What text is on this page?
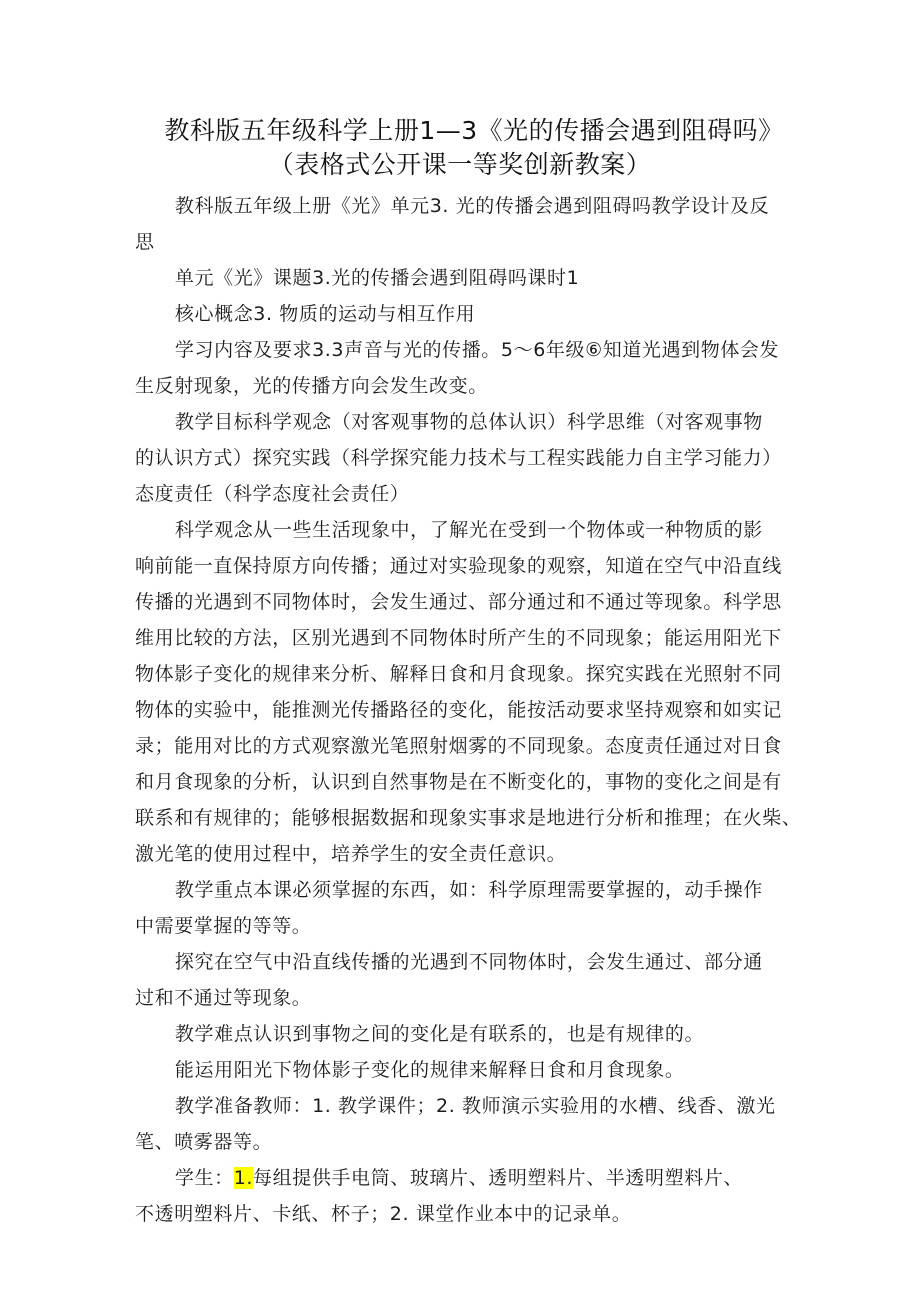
教科版五年级科学上册1—3《光的传播会遇到阻碍吗》
（表格式公开课一等奖创新教案）

教科版五年级上册《光》单元3. 光的传播会遇到阻碍吗教学设计及反
思

单元《光》课题3.光的传播会遇到阻碍吗课时1

核心概念3. 物质的运动与相互作用

学习内容及要求3.3声音与光的传播。5～6年级⑥知道光遇到物体会发
生反射现象，光的传播方向会发生改变。

教学目标科学观念（对客观事物的总体认识）科学思维（对客观事物
的认识方式）探究实践（科学探究能力技术与工程实践能力自主学习能力）
态度责任（科学态度社会责任）

科学观念从一些生活现象中，了解光在受到一个物体或一种物质的影
响前能一直保持原方向传播；通过对实验现象的观察，知道在空气中沿直线
传播的光遇到不同物体时，会发生通过、部分通过和不通过等现象。科学思
维用比较的方法，区别光遇到不同物体时所产生的不同现象；能运用阳光下
物体影子变化的规律来分析、解释日食和月食现象。探究实践在光照射不同
物体的实验中，能推测光传播路径的变化，能按活动要求坚持观察和如实记
录；能用对比的方式观察激光笔照射烟雾的不同现象。态度责任通过对日食
和月食现象的分析，认识到自然事物是在不断变化的，事物的变化之间是有
联系和有规律的；能够根据数据和现象实事求是地进行分析和推理；在火柴、
激光笔的使用过程中，培养学生的安全责任意识。

教学重点本课必须掌握的东西，如：科学原理需要掌握的，动手操作
中需要掌握的等等。

探究在空气中沿直线传播的光遇到不同物体时，会发生通过、部分通
过和不通过等现象。

教学难点认识到事物之间的变化是有联系的，也是有规律的。

能运用阳光下物体影子变化的规律来解释日食和月食现象。

教学准备教师：1. 教学课件；2. 教师演示实验用的水槽、线香、激光
笔、喷雾器等。

学生：1.每组提供手电筒、玻璃片、透明塑料片、半透明塑料片、
不透明塑料片、卡纸、杯子；2. 课堂作业本中的记录单。
